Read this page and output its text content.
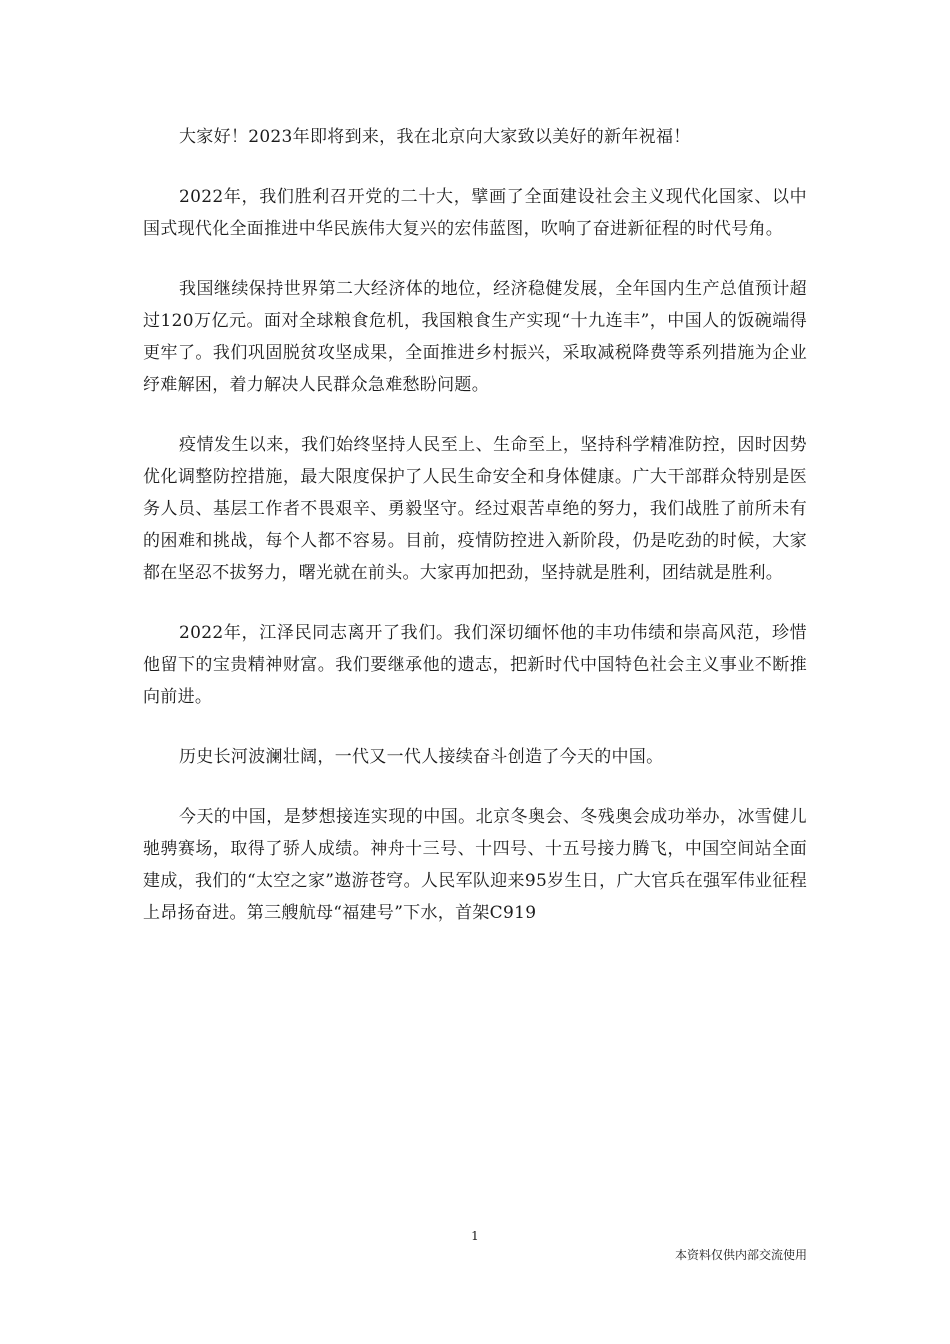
大家好！2023年即将到来，我在北京向大家致以美好的新年祝福！

2022年，我们胜利召开党的二十大，擘画了全面建设社会主义现代化国家、以中国式现代化全面推进中华民族伟大复兴的宏伟蓝图，吹响了奋进新征程的时代号角。

我国继续保持世界第二大经济体的地位，经济稳健发展，全年国内生产总值预计超过120万亿元。面对全球粮食危机，我国粮食生产实现“十九连丰”，中国人的饭碗端得更牢了。我们巩固脱贫攻坚成果，全面推进乡村振兴，采取减税降费等系列措施为企业纾难解困，着力解决人民群众急难愁盼问题。

疫情发生以来，我们始终坚持人民至上、生命至上，坚持科学精准防控，因时因势优化调整防控措施，最大限度保护了人民生命安全和身体健康。广大干部群众特别是医务人员、基层工作者不畏艰辛、勇毅坚守。经过艰苦卓绝的努力，我们战胜了前所未有的困难和挑战，每个人都不容易。目前，疫情防控进入新阶段，仍是吃劲的时候，大家都在坚忍不拔努力，曙光就在前头。大家再加把劲，坚持就是胜利，团结就是胜利。

2022年，江泽民同志离开了我们。我们深切缅怀他的丰功伟绩和崇高风范，珍惜他留下的宝贵精神财富。我们要继承他的遗志，把新时代中国特色社会主义事业不断推向前进。

历史长河波澜壮阔，一代又一代人接续奋斗创造了今天的中国。

今天的中国，是梦想接连实现的中国。北京冬奥会、冬残奥会成功举办，冰雪健儿驰骋赛场，取得了骄人成绩。神舟十三号、十四号、十五号接力腾飞，中国空间站全面建成，我们的“太空之家”遨游苍穹。人民军队迎来95岁生日，广大官兵在强军伟业征程上昂扬奋进。第三艘航母“福建号”下水，首架C919

1
本资料仅供内部交流使用
